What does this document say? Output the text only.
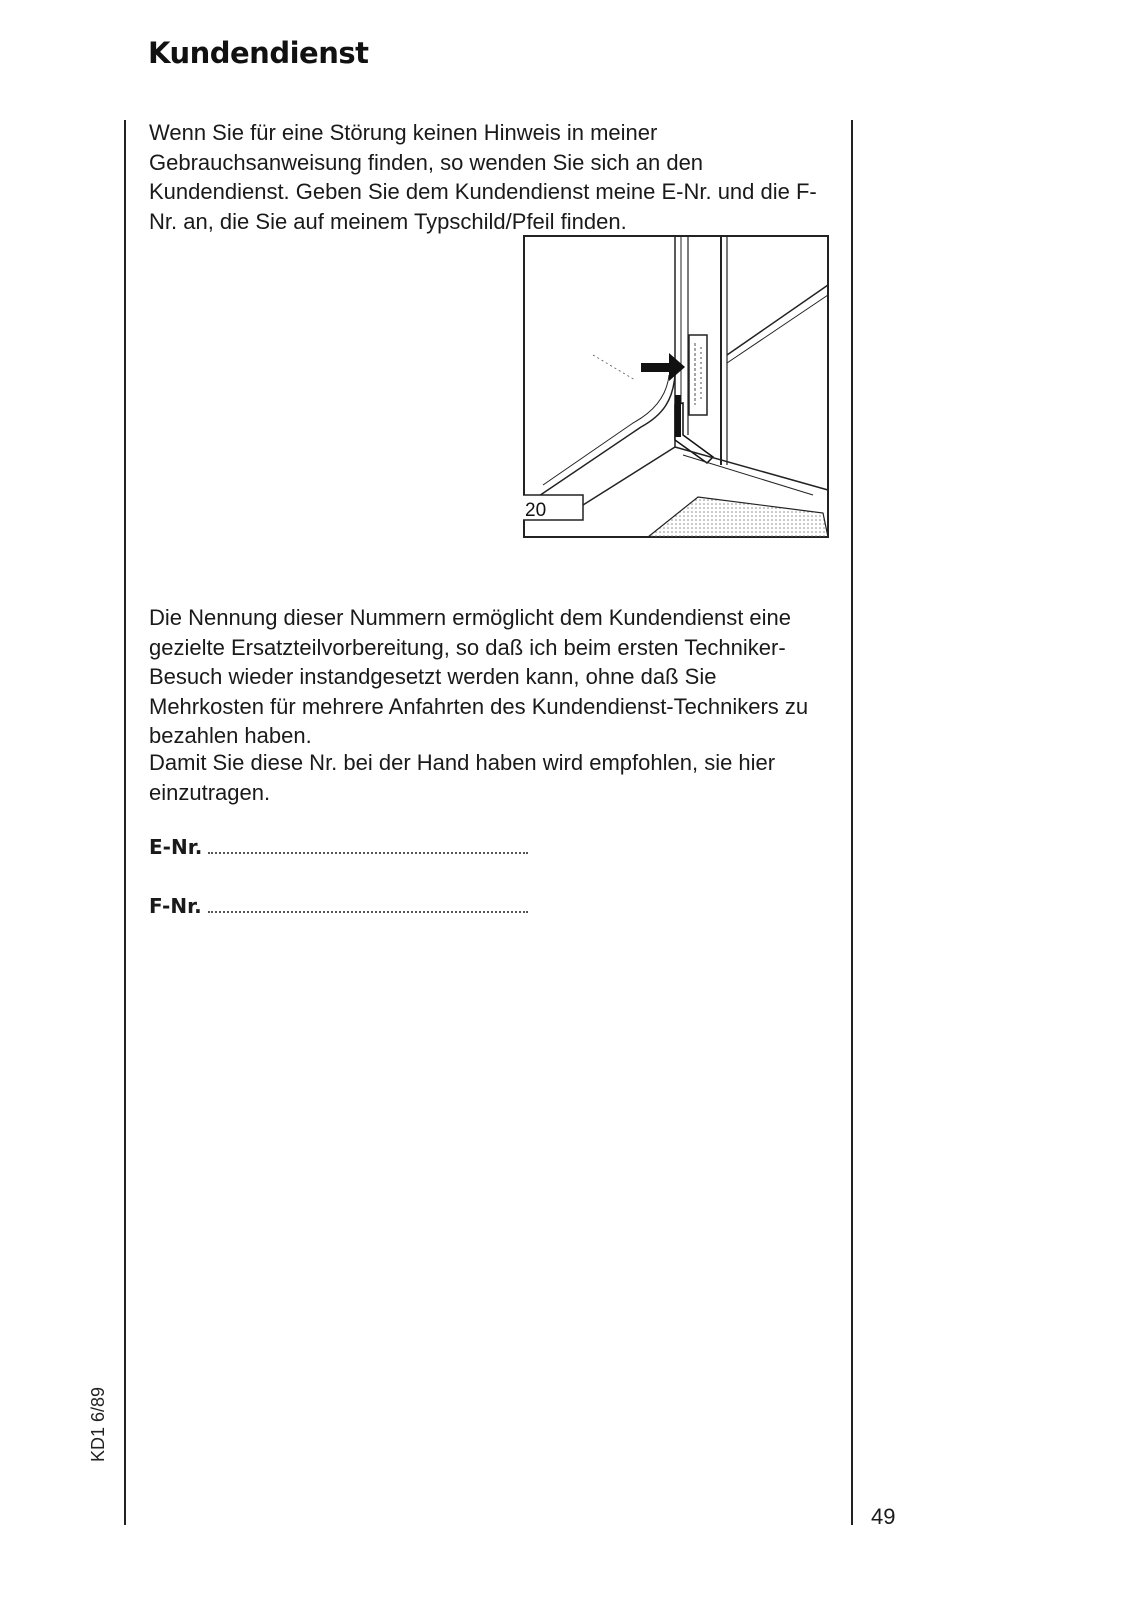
Kundendienst

Wenn Sie für eine Störung keinen Hinweis in meiner Gebrauchsanweisung finden, so wenden Sie sich an den Kundendienst. Geben Sie dem Kundendienst meine E-Nr. und die F-Nr. an, die Sie auf meinem Typschild/Pfeil finden.

20

Die Nennung dieser Nummern ermöglicht dem Kundendienst eine gezielte Ersatzteilvorbereitung, so daß ich beim ersten Techniker-Besuch wieder instandgesetzt werden kann, ohne daß Sie Mehrkosten für mehrere Anfahrten des Kundendienst-Technikers zu bezahlen haben.

Damit Sie diese Nr. bei der Hand haben wird empfohlen, sie hier einzutragen.

E-Nr.
F-Nr.
KD1 6/89
49
